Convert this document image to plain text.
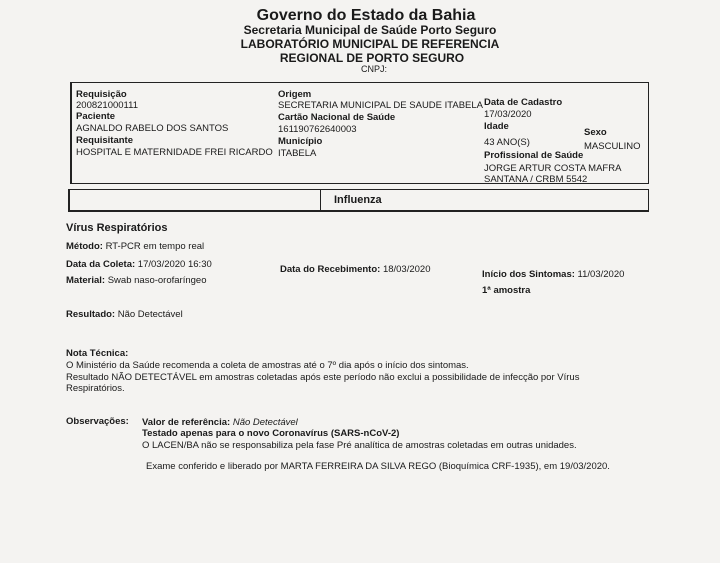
Governo do Estado da Bahia
Secretaria Municipal de Saúde Porto Seguro
LABORATÓRIO MUNICIPAL DE REFERENCIA
REGIONAL DE PORTO SEGURO
CNPJ:
Requisição
200821000111
Paciente
AGNALDO RABELO DOS SANTOS
Requisitante
HOSPITAL E MATERNIDADE FREI RICARDO
Origem
SECRETARIA MUNICIPAL DE SAUDE ITABELA
Cartão Nacional de Saúde
161190762640003
Município
ITABELA
Data de Cadastro
17/03/2020
Idade
43 ANO(S)
Sexo
MASCULINO
Profissional de Saúde
JORGE ARTUR COSTA MAFRA
SANTANA / CRBM 5542
Influenza
Vírus Respiratórios
Método: RT-PCR em tempo real
Data da Coleta: 17/03/2020 16:30	Data do Recebimento: 18/03/2020	Início dos Sintomas: 11/03/2020
Material: Swab naso-orofaríngeo
1ª amostra
Resultado: Não Detectável
Nota Técnica:
O Ministério da Saúde recomenda a coleta de amostras até o 7º dia após o início dos sintomas.
Resultado NÃO DETECTÁVEL em amostras coletadas após este período não exclui a possibilidade de infecção por Vírus
Respiratórios.
Observações: Valor de referência: Não Detectável
Testado apenas para o novo Coronavírus (SARS-nCoV-2)
O LACEN/BA não se responsabiliza pela fase Pré analítica de amostras coletadas em outras unidades.
Exame conferido e liberado por MARTA FERREIRA DA SILVA REGO (Bioquímica CRF-1935), em 19/03/2020.
